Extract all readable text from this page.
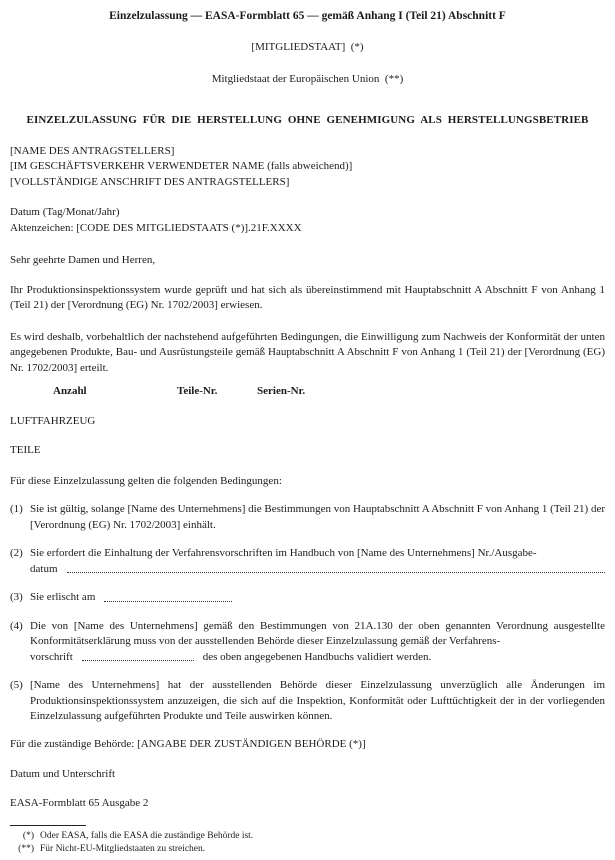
Einzelzulassung — EASA-Formblatt 65 — gemäß Anhang I (Teil 21) Abschnitt F
[MITGLIEDSTAAT]  (*)
Mitgliedstaat der Europäischen Union  (**)
EINZELZULASSUNG FÜR DIE HERSTELLUNG OHNE GENEHMIGUNG ALS HERSTELLUNGSBETRIEB
[NAME DES ANTRAGSTELLERS]
[IM GESCHÄFTSVERKEHR VERWENDETER NAME (falls abweichend)]
[VOLLSTÄNDIGE ANSCHRIFT DES ANTRAGSTELLERS]
Datum (Tag/Monat/Jahr)
Aktenzeichen: [CODE DES MITGLIEDSTAATS (*)].21F.XXXX
Sehr geehrte Damen und Herren,
Ihr Produktionsinspektionssystem wurde geprüft und hat sich als übereinstimmend mit Hauptabschnitt A Abschnitt F von Anhang 1 (Teil 21) der [Verordnung (EG) Nr. 1702/2003] erwiesen.
Es wird deshalb, vorbehaltlich der nachstehend aufgeführten Bedingungen, die Einwilligung zum Nachweis der Konformität der unten angegebenen Produkte, Bau- und Ausrüstungsteile gemäß Hauptabschnitt A Abschnitt F von Anhang 1 (Teil 21) der [Verordnung (EG) Nr. 1702/2003] erteilt.
Anzahl	Teile-Nr.	Serien-Nr.
LUFTFAHRZEUG
TEILE
Für diese Einzelzulassung gelten die folgenden Bedingungen:
(1) Sie ist gültig, solange [Name des Unternehmens] die Bestimmungen von Hauptabschnitt A Abschnitt F von Anhang 1 (Teil 21) der [Verordnung (EG) Nr. 1702/2003] einhält.
(2) Sie erfordert die Einhaltung der Verfahrensvorschriften im Handbuch von [Name des Unternehmens] Nr./Ausgabe-
datum
(3) Sie erlischt am
(4) Die von [Name des Unternehmens] gemäß den Bestimmungen von 21A.130 der oben genannten Verordnung ausgestellte Konformitätserklärung muss von der ausstellenden Behörde dieser Einzelzulassung gemäß der Verfahrens-
vorschrift	des oben angegebenen Handbuchs validiert werden.
(5) [Name des Unternehmens] hat der ausstellenden Behörde dieser Einzelzulassung unverzüglich alle Änderungen im Produktionsinspektionssystem anzuzeigen, die sich auf die Inspektion, Konformität oder Lufttüchtigkeit der in der vorliegenden Einzelzulassung aufgeführten Produkte und Teile auswirken können.
Für die zuständige Behörde: [ANGABE DER ZUSTÄNDIGEN BEHÖRDE (*)]
Datum und Unterschrift
EASA-Formblatt 65 Ausgabe 2
(*) Oder EASA, falls die EASA die zuständige Behörde ist.
(**) Für Nicht-EU-Mitgliedstaaten zu streichen.
